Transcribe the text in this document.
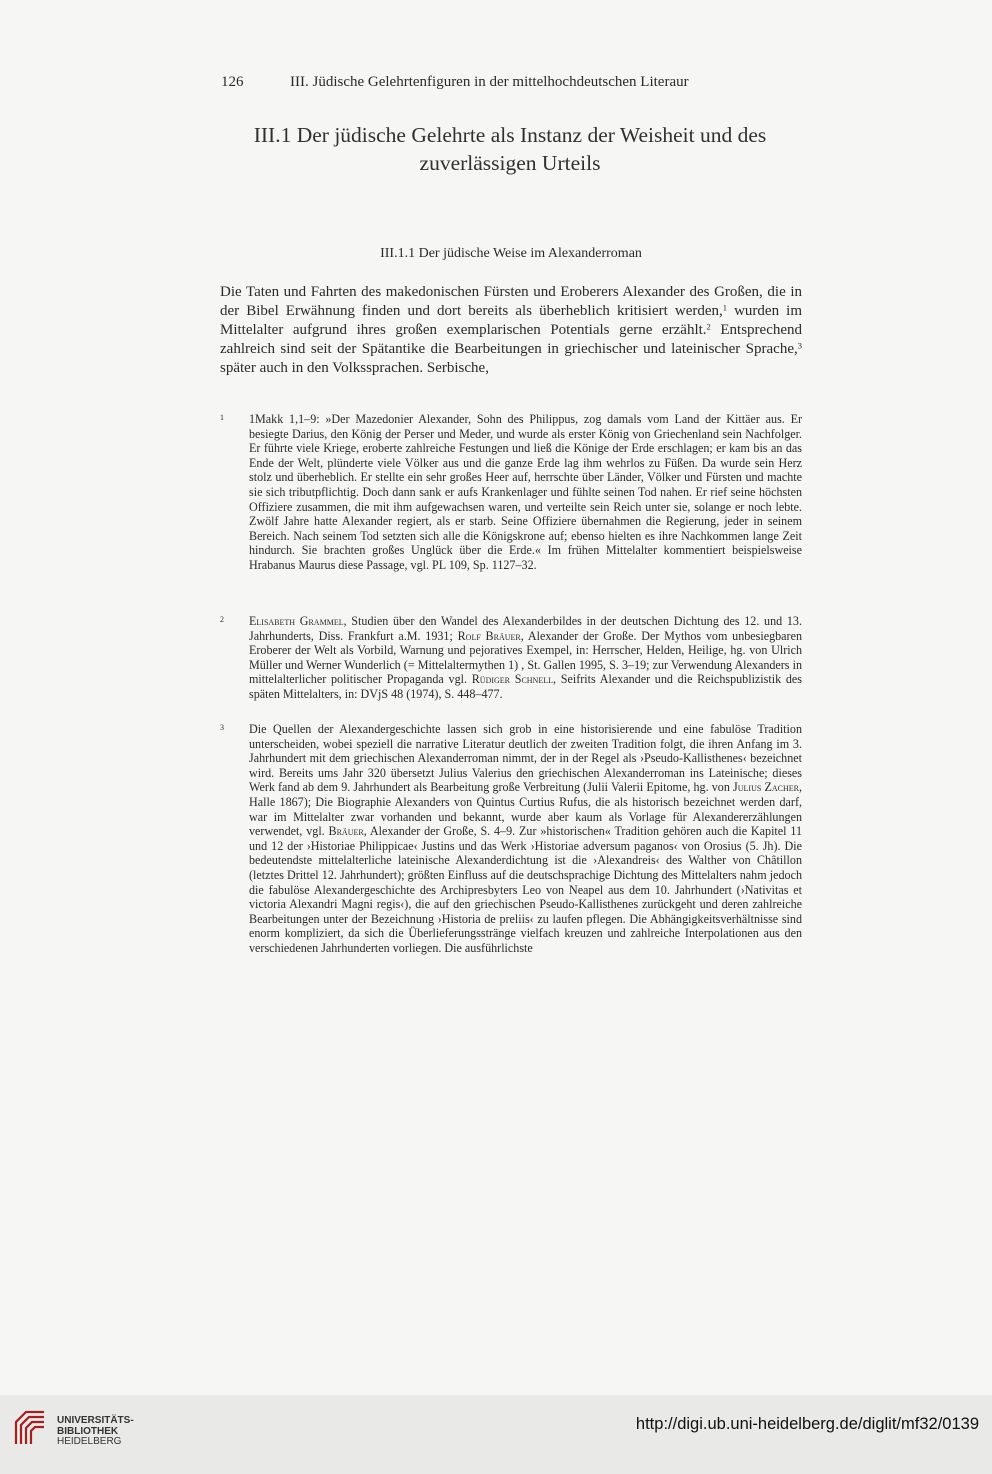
126	III. Jüdische Gelehrtenfiguren in der mittelhochdeutschen Literaur
III.1 Der jüdische Gelehrte als Instanz der Weisheit und des
zuverlässigen Urteils
III.1.1 Der jüdische Weise im Alexanderroman

Die Taten und Fahrten des makedonischen Fürsten und Eroberers Alexander des Großen, die in der Bibel Erwähnung finden und dort bereits als überheblich kritisiert werden,$^1$ wurden im Mittelalter aufgrund ihres großen exemplarischen Potentials gerne erzählt.$^2$ Entsprechend zahlreich sind seit der Spätantike die Bearbeitungen in griechischer und lateinischer Sprache,$^3$ später auch in den Volkssprachen. Serbische,

1 1Makk 1,1–9: »Der Mazedonier Alexander, Sohn des Philippus, zog damals vom Land der Kittäer aus. Er besiegte Darius, den König der Perser und Meder, und wurde als erster König von Griechenland sein Nachfolger. Er führte viele Kriege, eroberte zahlreiche Festungen und ließ die Könige der Erde erschlagen; er kam bis an das Ende der Welt, plünderte viele Völker aus und die ganze Erde lag ihm wehrlos zu Füßen. Da wurde sein Herz stolz und überheblich. Er stellte ein sehr großes Heer auf, herrschte über Länder, Völker und Fürsten und machte sie sich tributpflichtig. Doch dann sank er aufs Krankenlager und fühlte seinen Tod nahen. Er rief seine höchsten Offiziere zusammen, die mit ihm aufgewachsen waren, und verteilte sein Reich unter sie, solange er noch lebte. Zwölf Jahre hatte Alexander regiert, als er starb. Seine Offiziere übernahmen die Regierung, jeder in seinem Bereich. Nach seinem Tod setzten sich alle die Königskrone auf; ebenso hielten es ihre Nachkommen lange Zeit hindurch. Sie brachten großes Unglück über die Erde.« Im frühen Mittelalter kommentiert beispielsweise Hrabanus Maurus diese Passage, vgl. PL 109, Sp. 1127–32.

2 Elisabeth Grammel, Studien über den Wandel des Alexanderbildes in der deutschen Dichtung des 12. und 13. Jahrhunderts, Diss. Frankfurt a.M. 1931; Rolf Bräuer, Alexander der Große. Der Mythos vom unbesiegbaren Eroberer der Welt als Vorbild, Warnung und pejoratives Exempel, in: Herrscher, Helden, Heilige, hg. von Ulrich Müller und Werner Wunderlich (= Mittelaltermythen 1) , St. Gallen 1995, S. 3–19; zur Verwendung Alexanders in mittelalterlicher politischer Propaganda vgl. Rüdiger Schnell, Seifrits Alexander und die Reichspublizistik des späten Mittelalters, in: DVjS 48 (1974), S. 448–477.

3 Die Quellen der Alexandergeschichte lassen sich grob in eine historisierende und eine fabulöse Tradition unterscheiden, wobei speziell die narrative Literatur deutlich der zweiten Tradition folgt, die ihren Anfang im 3. Jahrhundert mit dem griechischen Alexanderroman nimmt, der in der Regel als ›Pseudo-Kallisthenes‹ bezeichnet wird. Bereits ums Jahr 320 übersetzt Julius Valerius den griechischen Alexanderroman ins Lateinische; dieses Werk fand ab dem 9. Jahrhundert als Bearbeitung große Verbreitung (Julii Valerii Epitome, hg. von Julius Zacher, Halle 1867); Die Biographie Alexanders von Quintus Curtius Rufus, die als historisch bezeichnet werden darf, war im Mittelalter zwar vorhanden und bekannt, wurde aber kaum als Vorlage für Alexandererzählungen verwendet, vgl. Bräuer, Alexander der Große, S. 4–9. Zur »historischen« Tradition gehören auch die Kapitel 11 und 12 der ›Historiae Philippicae‹ Justins und das Werk ›Historiae adversum paganos‹ von Orosius (5. Jh). Die bedeutendste mittelalterliche lateinische Alexanderdichtung ist die ›Alexandreis‹ des Walther von Châtillon (letztes Drittel 12. Jahrhundert); größten Einfluss auf die deutschsprachige Dichtung des Mittelalters nahm jedoch die fabulöse Alexandergeschichte des Archipresbyters Leo von Neapel aus dem 10. Jahrhundert (›Nativitas et victoria Alexandri Magni regis‹), die auf den griechischen Pseudo-Kallisthenes zurückgeht und deren zahlreiche Bearbeitungen unter der Bezeichnung ›Historia de preliis‹ zu laufen pflegen. Die Abhängigkeitsverhältnisse sind enorm kompliziert, da sich die Überlieferungsstränge vielfach kreuzen und zahlreiche Interpolationen aus den verschiedenen Jahrhunderten vorliegen. Die ausführlichste

UNIVERSITÄTS-
BIBLIOTHEK
HEIDELBERG
http://digi.ub.uni-heidelberg.de/diglit/mf32/0139
